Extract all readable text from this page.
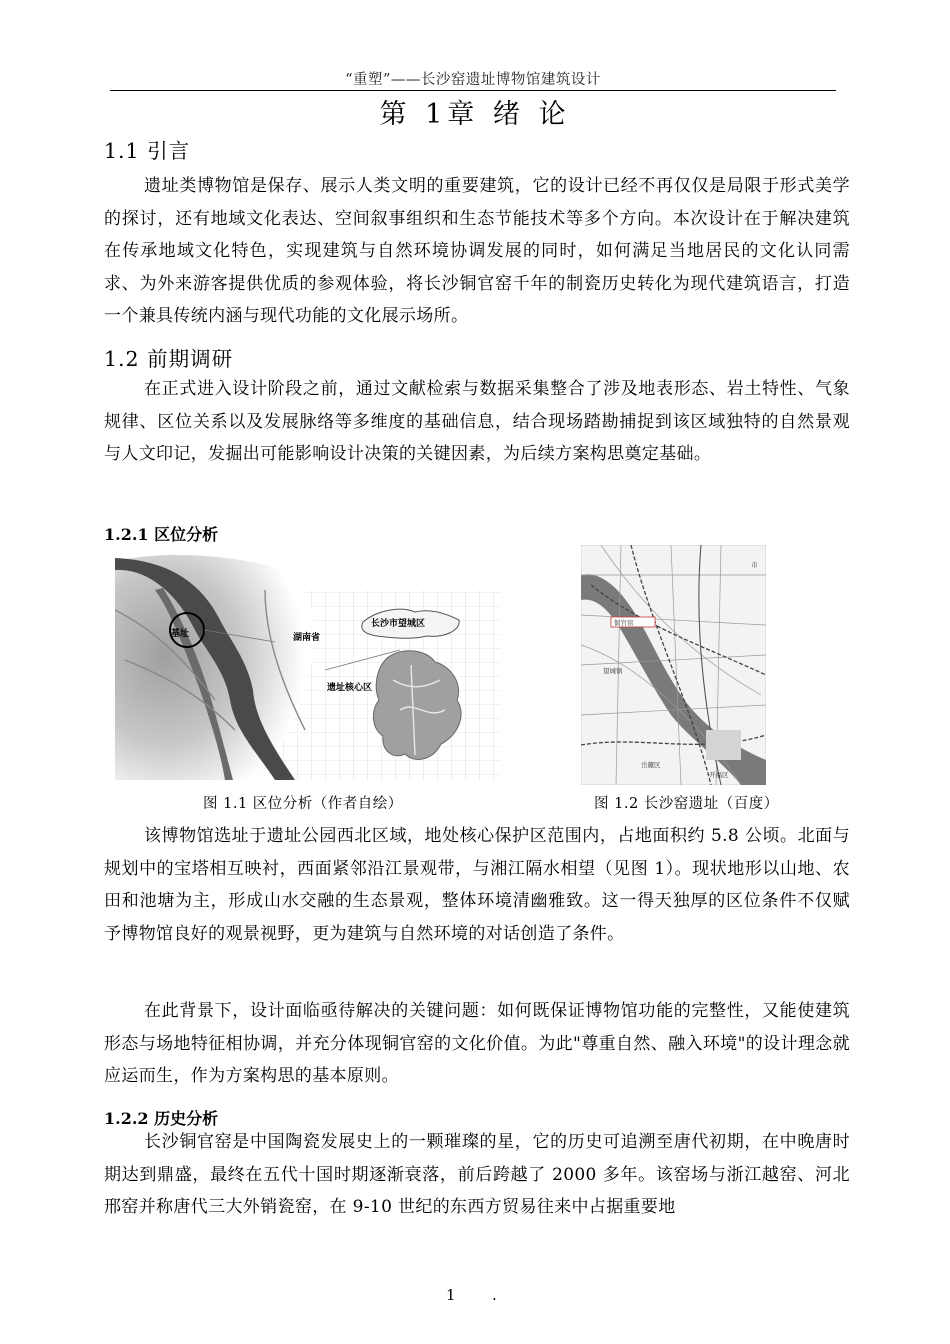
“重塑”——长沙窑遗址博物馆建筑设计
第 1章 绪 论
1.1 引言

遗址类博物馆是保存、展示人类文明的重要建筑，它的设计已经不再仅仅是局限于形式美学的探讨，还有地域文化表达、空间叙事组织和生态节能技术等多个方向。本次设计在于解决建筑在传承地域文化特色，实现建筑与自然环境协调发展的同时，如何满足当地居民的文化认同需求、为外来游客提供优质的参观体验，将长沙铜官窑千年的制瓷历史转化为现代建筑语言，打造一个兼具传统内涵与现代功能的文化展示场所。

1.2 前期调研

在正式进入设计阶段之前，通过文献检索与数据采集整合了涉及地表形态、岩土特性、气象规律、区位关系以及发展脉络等多维度的基础信息，结合现场踏勘捕捉到该区域独特的自然景观与人文印记，发掘出可能影响设计决策的关键因素，为后续方案构思奠定基础。

1.2.1 区位分析
基址	湖南省
长沙市望城区
遗址核心区
铜官窑
市
望城镇
开福区
岳麓区
图 1.1 区位分析（作者自绘）	图 1.2 长沙窑遗址（百度）

该博物馆选址于遗址公园西北区域，地处核心保护区范围内，占地面积约 5.8 公顷。北面与规划中的宝塔相互映衬，西面紧邻沿江景观带，与湘江隔水相望（见图 1）。现状地形以山地、农田和池塘为主，形成山水交融的生态景观，整体环境清幽雅致。这一得天独厚的区位条件不仅赋予博物馆良好的观景视野，更为建筑与自然环境的对话创造了条件。

在此背景下，设计面临亟待解决的关键问题：如何既保证博物馆功能的完整性，又能使建筑形态与场地特征相协调，并充分体现铜官窑的文化价值。为此"尊重自然、融入环境"的设计理念就应运而生，作为方案构思的基本原则。

1.2.2 历史分析

长沙铜官窑是中国陶瓷发展史上的一颗璀璨的星，它的历史可追溯至唐代初期，在中晚唐时期达到鼎盛，最终在五代十国时期逐渐衰落，前后跨越了 2000 多年。该窑场与浙江越窑、河北邢窑并称唐代三大外销瓷窑，在 9-10 世纪的东西方贸易往来中占据重要地

1 .
